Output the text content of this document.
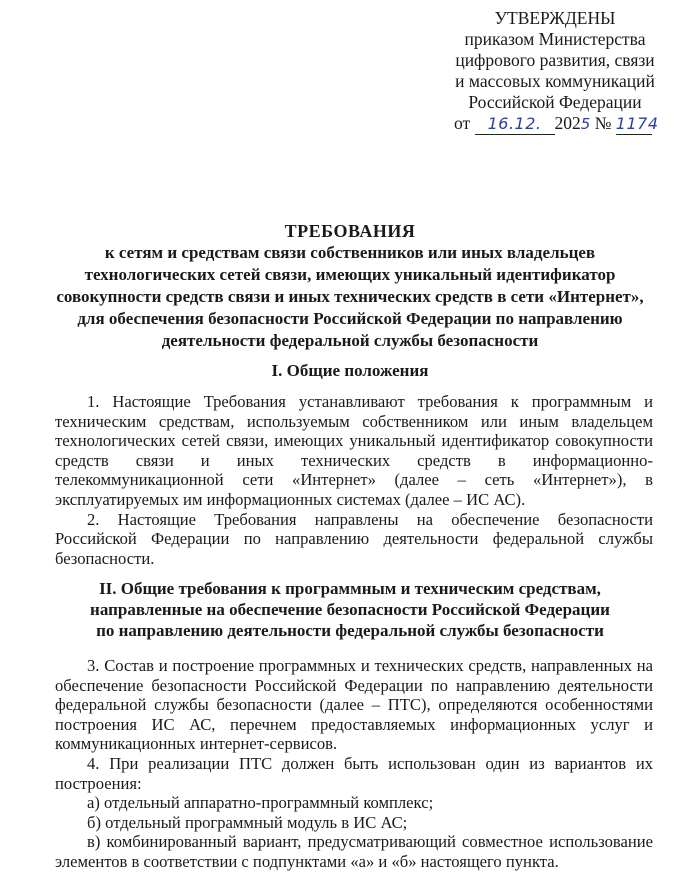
УТВЕРЖДЕНЫ
приказом Министерства
цифрового развития, связи
и массовых коммуникаций
Российской Федерации
от 16.12. 2025 № 1174
ТРЕБОВАНИЯ
к сетям и средствам связи собственников или иных владельцев
технологических сетей связи, имеющих уникальный идентификатор
совокупности средств связи и иных технических средств в сети «Интернет»,
для обеспечения безопасности Российской Федерации по направлению
деятельности федеральной службы безопасности
I. Общие положения

1. Настоящие Требования устанавливают требования к программным и техническим средствам, используемым собственником или иным владельцем технологических сетей связи, имеющих уникальный идентификатор совокупности средств связи и иных технических средств в информационно-телекоммуникационной сети «Интернет» (далее – сеть «Интернет»), в эксплуатируемых им информационных системах (далее – ИС АС).

2. Настоящие Требования направлены на обеспечение безопасности Российской Федерации по направлению деятельности федеральной службы безопасности.

II. Общие требования к программным и техническим средствам,
направленные на обеспечение безопасности Российской Федерации
по направлению деятельности федеральной службы безопасности

3. Состав и построение программных и технических средств, направленных на обеспечение безопасности Российской Федерации по направлению деятельности федеральной службы безопасности (далее – ПТС), определяются особенностями построения ИС АС, перечнем предоставляемых информационных услуг и коммуникационных интернет-сервисов.

4. При реализации ПТС должен быть использован один из вариантов их построения:

а) отдельный аппаратно-программный комплекс;

б) отдельный программный модуль в ИС АС;

в) комбинированный вариант, предусматривающий совместное использование элементов в соответствии с подпунктами «а» и «б» настоящего пункта.
